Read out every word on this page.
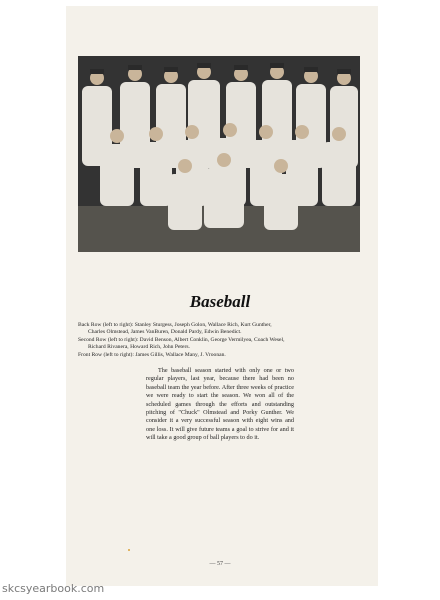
Baseball
Back Row (left to right): Stanley Sturgess, Joseph Golon, Wallace Rich, Kurt Gunther,
Charles Olmstead, James VanBuren, Donald Pardy, Edwin Benedict.
Second Row (left to right): David Benson, Albert Conklin, George Vermilyea, Coach Wesel,
Richard Rivanera, Howard Rich, John Peters.
Front Row (left to right): James Gillis, Wallace Many, J. Vroonan.

The baseball season started with only one or two regular players, last year, because there had been no baseball team the year before. After three weeks of practice we were ready to start the season. We won all of the scheduled games through the efforts and outstanding pitching of "Chuck" Olmstead and Porky Gunther. We consider it a very successful season with eight wins and one loss. It will give future teams a goal to strive for and it will take a good group of ball players to do it.

— 57 —
skcsyearbook.com
